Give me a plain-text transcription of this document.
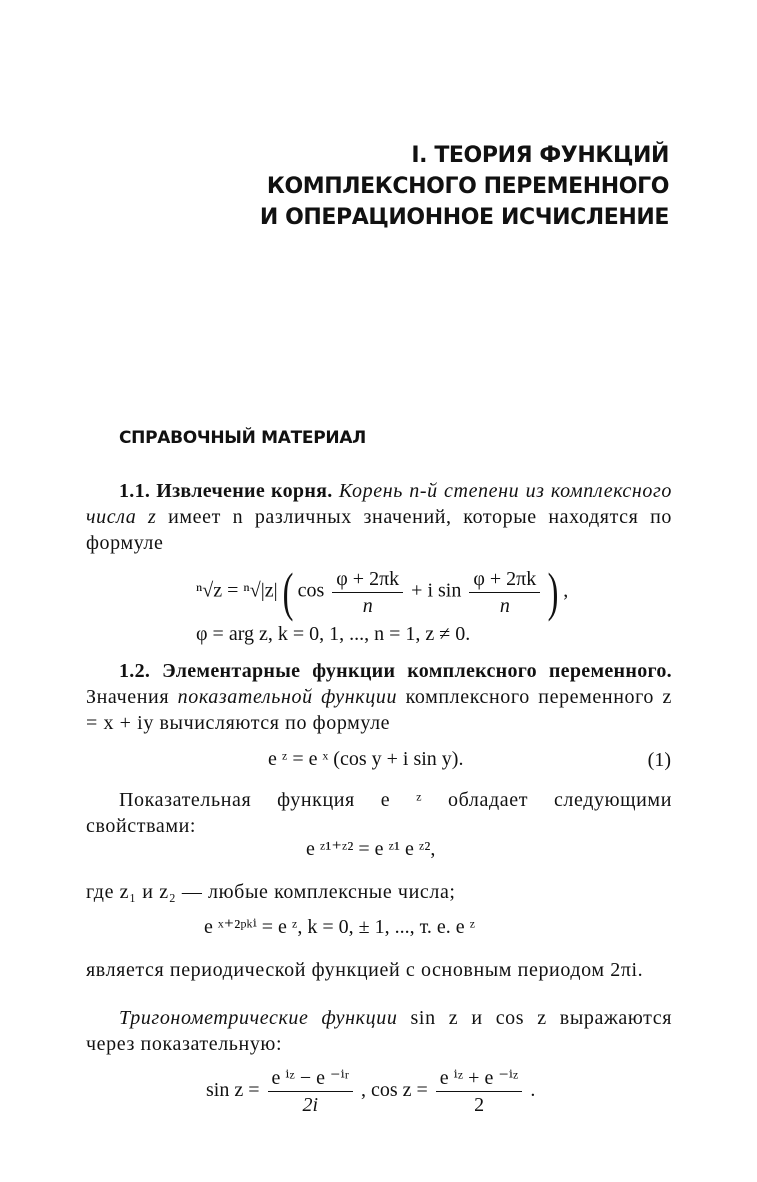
I. ТЕОРИЯ ФУНКЦИЙ
КОМПЛЕКСНОГО ПЕРЕМЕННОГО
И ОПЕРАЦИОННОЕ ИСЧИСЛЕНИЕ
СПРАВОЧНЫЙ МАТЕРИАЛ
1.1. Извлечение корня. Корень n-й степени из комплексного числа z имеет n различных значений, которые находятся по формуле
ⁿ√z = ⁿ√|z| ( $\cos \frac{\varphi + 2\pi k}{n} + i$ $\sin \frac{\varphi + 2\pi k}{n}$ ) ,
φ = arg z, k = 0, 1, ..., n = 1, z ≠ 0.
1.2. Элементарные функции комплексного переменного. Значения показательной функции комплексного переменного z = x + iy вычисляются по формуле
e ᶻ = e ˣ (cos y + i sin y).	(1)
Показательная функция e ᶻ обладает следующими свойствами:
e ᶻ¹⁺ᶻ² = e ᶻ¹ e ᶻ²,
где z₁ и z₂ — любые комплексные числа;
e ˣ⁺²ᵖᵏⁱ = e ᶻ, k = 0, ± 1, ..., т. е. e ᶻ
является периодической функцией с основным периодом 2πi.
Тригонометрические функции sin z и cos z выражаются через показательную:
$\sin z = \frac{\text{e ⁱᶻ − e ⁻ⁱʳ}}{2i}$ , $\cos z = \frac{\text{e ⁱᶻ + e ⁻ⁱᶻ}}{2}$ .
